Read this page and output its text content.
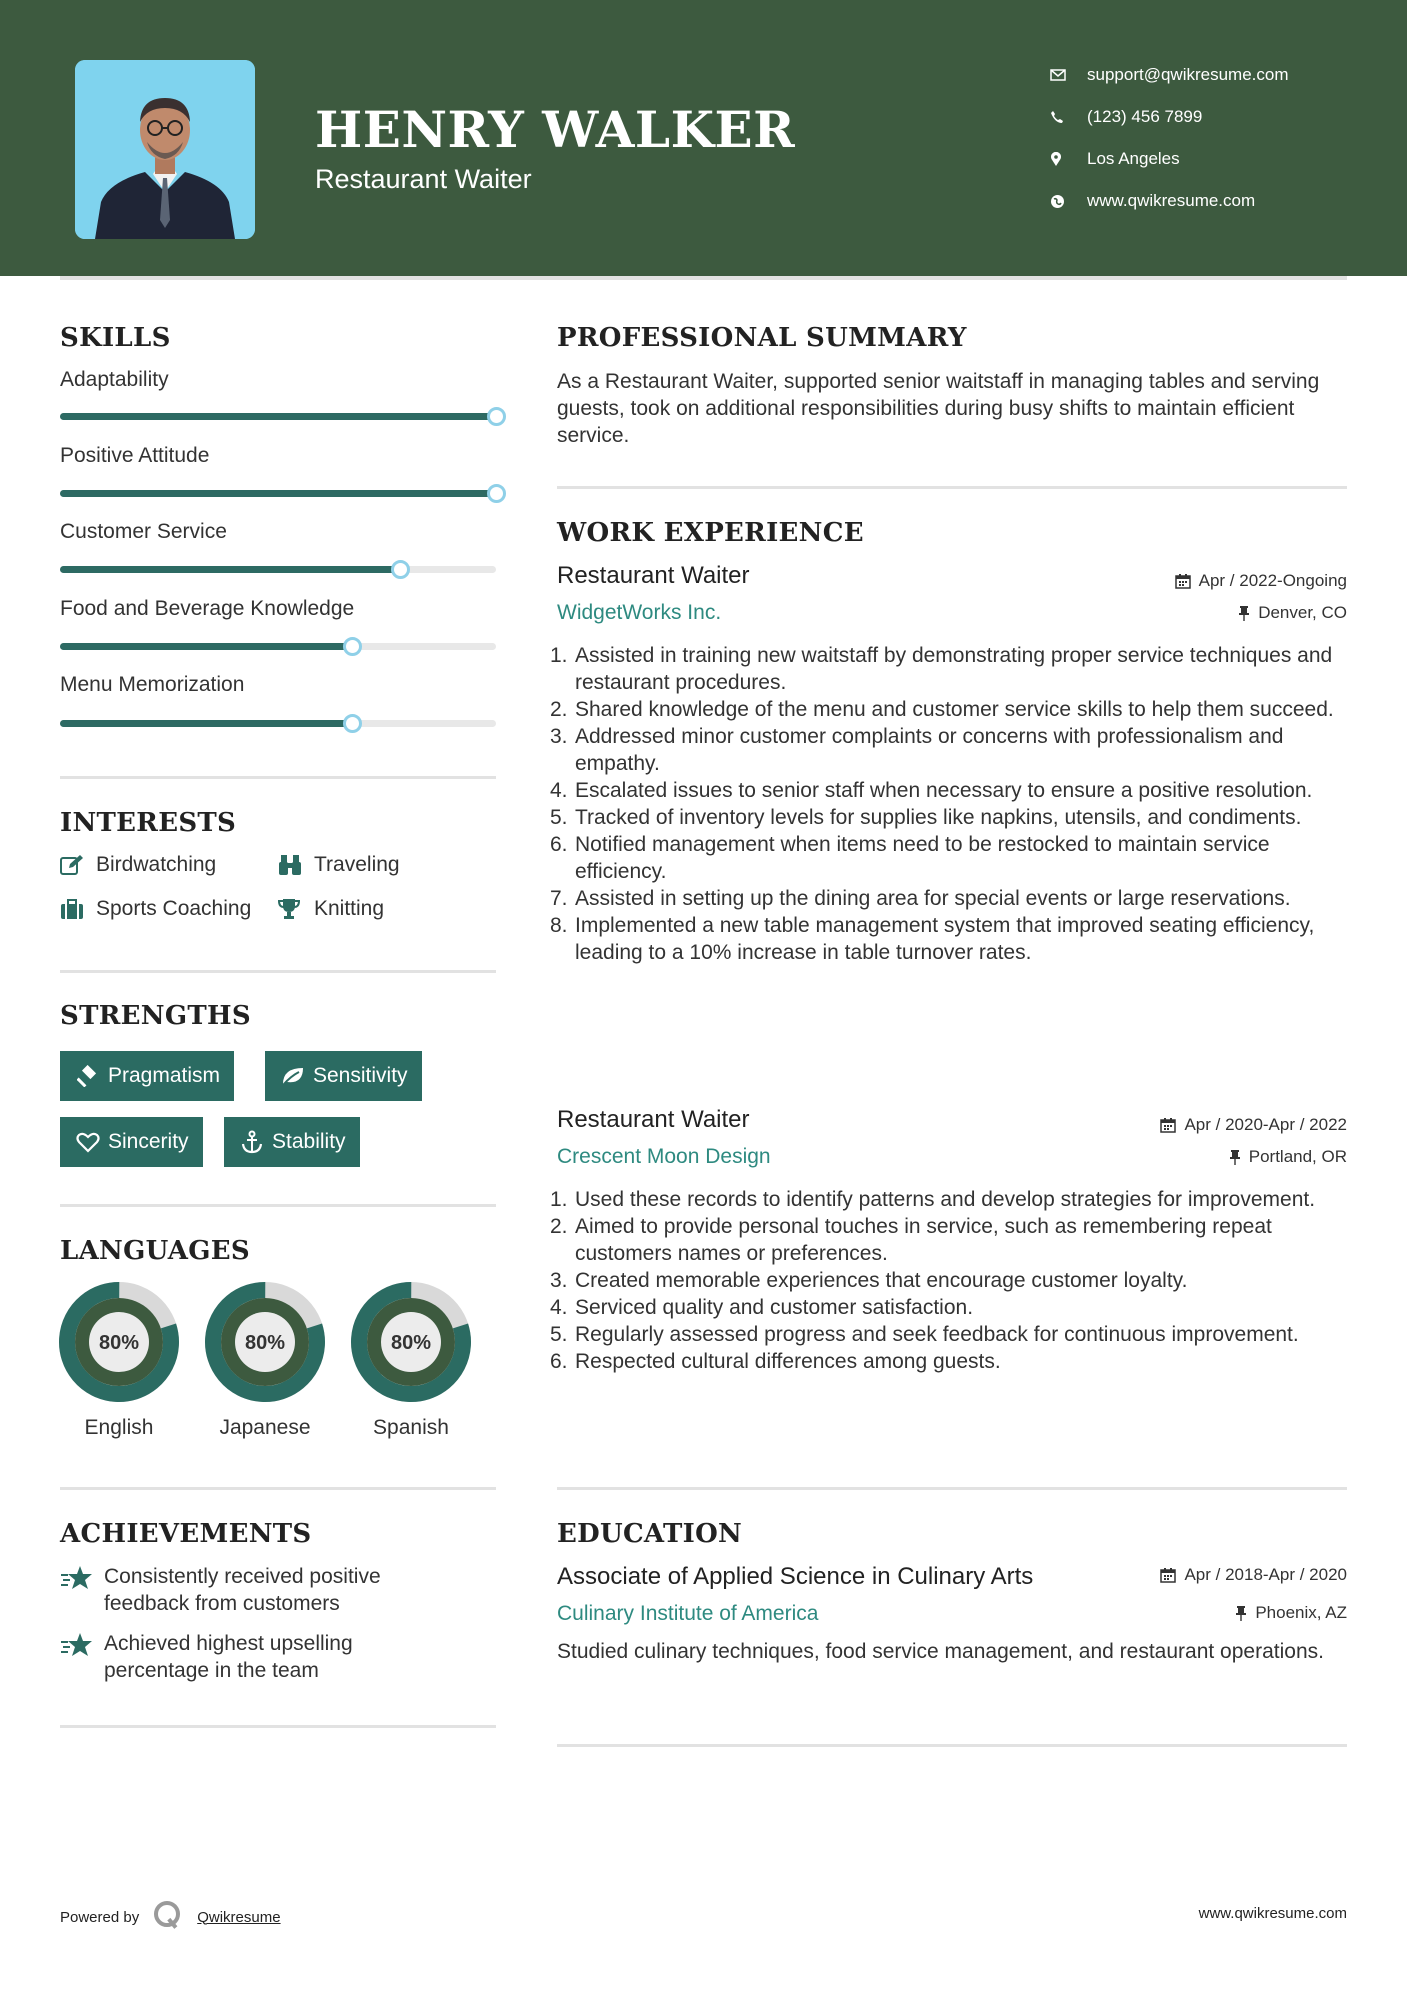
HENRY WALKER
Restaurant Waiter
support@qwikresume.com
(123) 456 7899
Los Angeles
www.qwikresume.com
SKILLS
Adaptability
Positive Attitude
Customer Service
Food and Beverage Knowledge
Menu Memorization
INTERESTS
Birdwatching	Traveling
Sports Coaching	Knitting
STRENGTHS
Pragmatism	Sensitivity
Sincerity	Stability
LANGUAGES
80%
English
80%
Japanese
80%
Spanish
ACHIEVEMENTS
Consistently received positive feedback from customers
Achieved highest upselling percentage in the team
PROFESSIONAL SUMMARY
As a Restaurant Waiter, supported senior waitstaff in managing tables and serving guests, took on additional responsibilities during busy shifts to maintain efficient service.
WORK EXPERIENCE
Restaurant Waiter	Apr / 2022-Ongoing
WidgetWorks Inc.	Denver, CO
1. Assisted in training new waitstaff by demonstrating proper service techniques and restaurant procedures.
2. Shared knowledge of the menu and customer service skills to help them succeed.
3. Addressed minor customer complaints or concerns with professionalism and empathy.
4. Escalated issues to senior staff when necessary to ensure a positive resolution.
5. Tracked of inventory levels for supplies like napkins, utensils, and condiments.
6. Notified management when items need to be restocked to maintain service efficiency.
7. Assisted in setting up the dining area for special events or large reservations.
8. Implemented a new table management system that improved seating efficiency, leading to a 10% increase in table turnover rates.
Restaurant Waiter	Apr / 2020-Apr / 2022
Crescent Moon Design	Portland, OR
1. Used these records to identify patterns and develop strategies for improvement.
2. Aimed to provide personal touches in service, such as remembering repeat customers names or preferences.
3. Created memorable experiences that encourage customer loyalty.
4. Serviced quality and customer satisfaction.
5. Regularly assessed progress and seek feedback for continuous improvement.
6. Respected cultural differences among guests.
EDUCATION
Associate of Applied Science in Culinary Arts	Apr / 2018-Apr / 2020
Culinary Institute of America	Phoenix, AZ
Studied culinary techniques, food service management, and restaurant operations.
Powered by	Qwikresume	www.qwikresume.com
